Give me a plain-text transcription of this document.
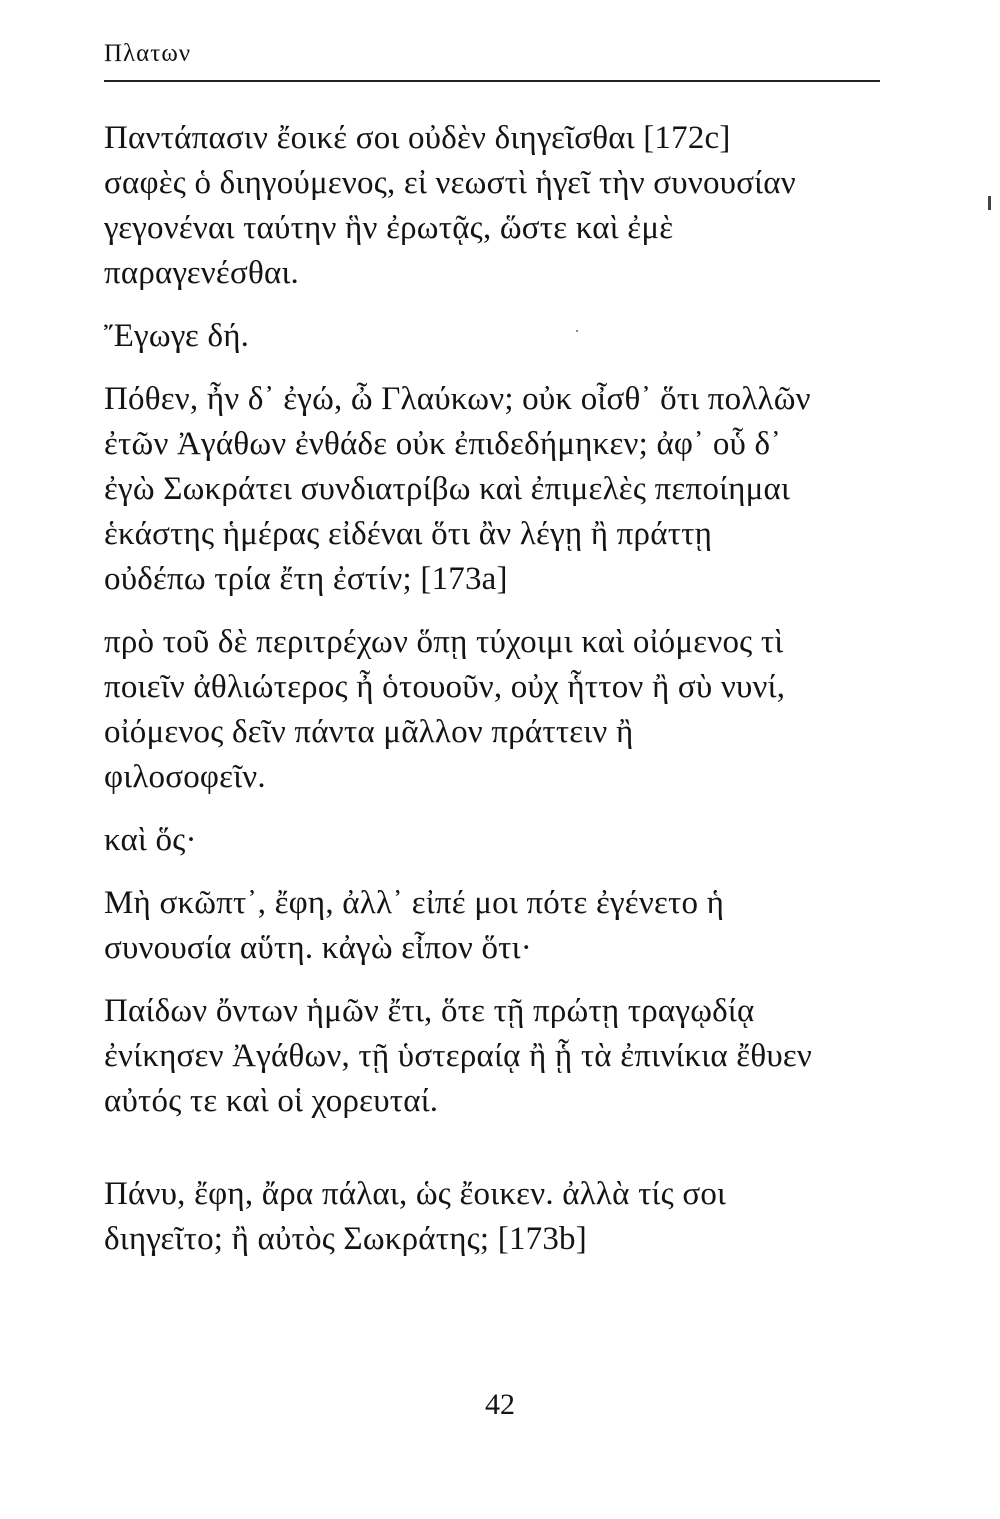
Πλατων

Παντάπασιν ἔοικέ σοι οὐδὲν διηγεῖσθαι [172c]
σαφὲς ὁ διηγούμενος, εἰ νεωστὶ ἡγεῖ τὴν συνουσίαν
γεγονέναι ταύτην ἣν ἐρωτᾷς, ὥστε καὶ ἐμὲ
παραγενέσθαι.

Ἔγωγε δή.

Πόθεν, ἦν δ᾽ ἐγώ, ὦ Γλαύκων; οὐκ οἶσθ᾽ ὅτι πολλῶν
ἐτῶν Ἀγάθων ἐνθάδε οὐκ ἐπιδεδήμηκεν; ἀφ᾽ οὗ δ᾽
ἐγὼ Σωκράτει συνδιατρίβω καὶ ἐπιμελὲς πεποίημαι
ἑκάστης ἡμέρας εἰδέναι ὅτι ἂν λέγῃ ἢ πράττῃ
οὐδέπω τρία ἔτη ἐστίν; [173a]

πρὸ τοῦ δὲ περιτρέχων ὅπῃ τύχοιμι καὶ οἰόμενος τὶ
ποιεῖν ἀθλιώτερος ἦ ὁτουοῦν, οὐχ ἧττον ἢ σὺ νυνί,
οἰόμενος δεῖν πάντα μᾶλλον πράττειν ἢ
φιλοσοφεῖν.

καὶ ὅς·

Μὴ σκῶπτ᾽, ἔφη, ἀλλ᾽ εἰπέ μοι πότε ἐγένετο ἡ
συνουσία αὕτη. κἀγὼ εἶπον ὅτι·

Παίδων ὄντων ἡμῶν ἔτι, ὅτε τῇ πρώτῃ τραγῳδίᾳ
ἐνίκησεν Ἀγάθων, τῇ ὑστεραίᾳ ἢ ᾗ τὰ ἐπινίκια ἔθυεν
αὐτός τε καὶ οἱ χορευταί.

Πάνυ, ἔφη, ἄρα πάλαι, ὡς ἔοικεν. ἀλλὰ τίς σοι
διηγεῖτο; ἢ αὐτὸς Σωκράτης; [173b]

42
